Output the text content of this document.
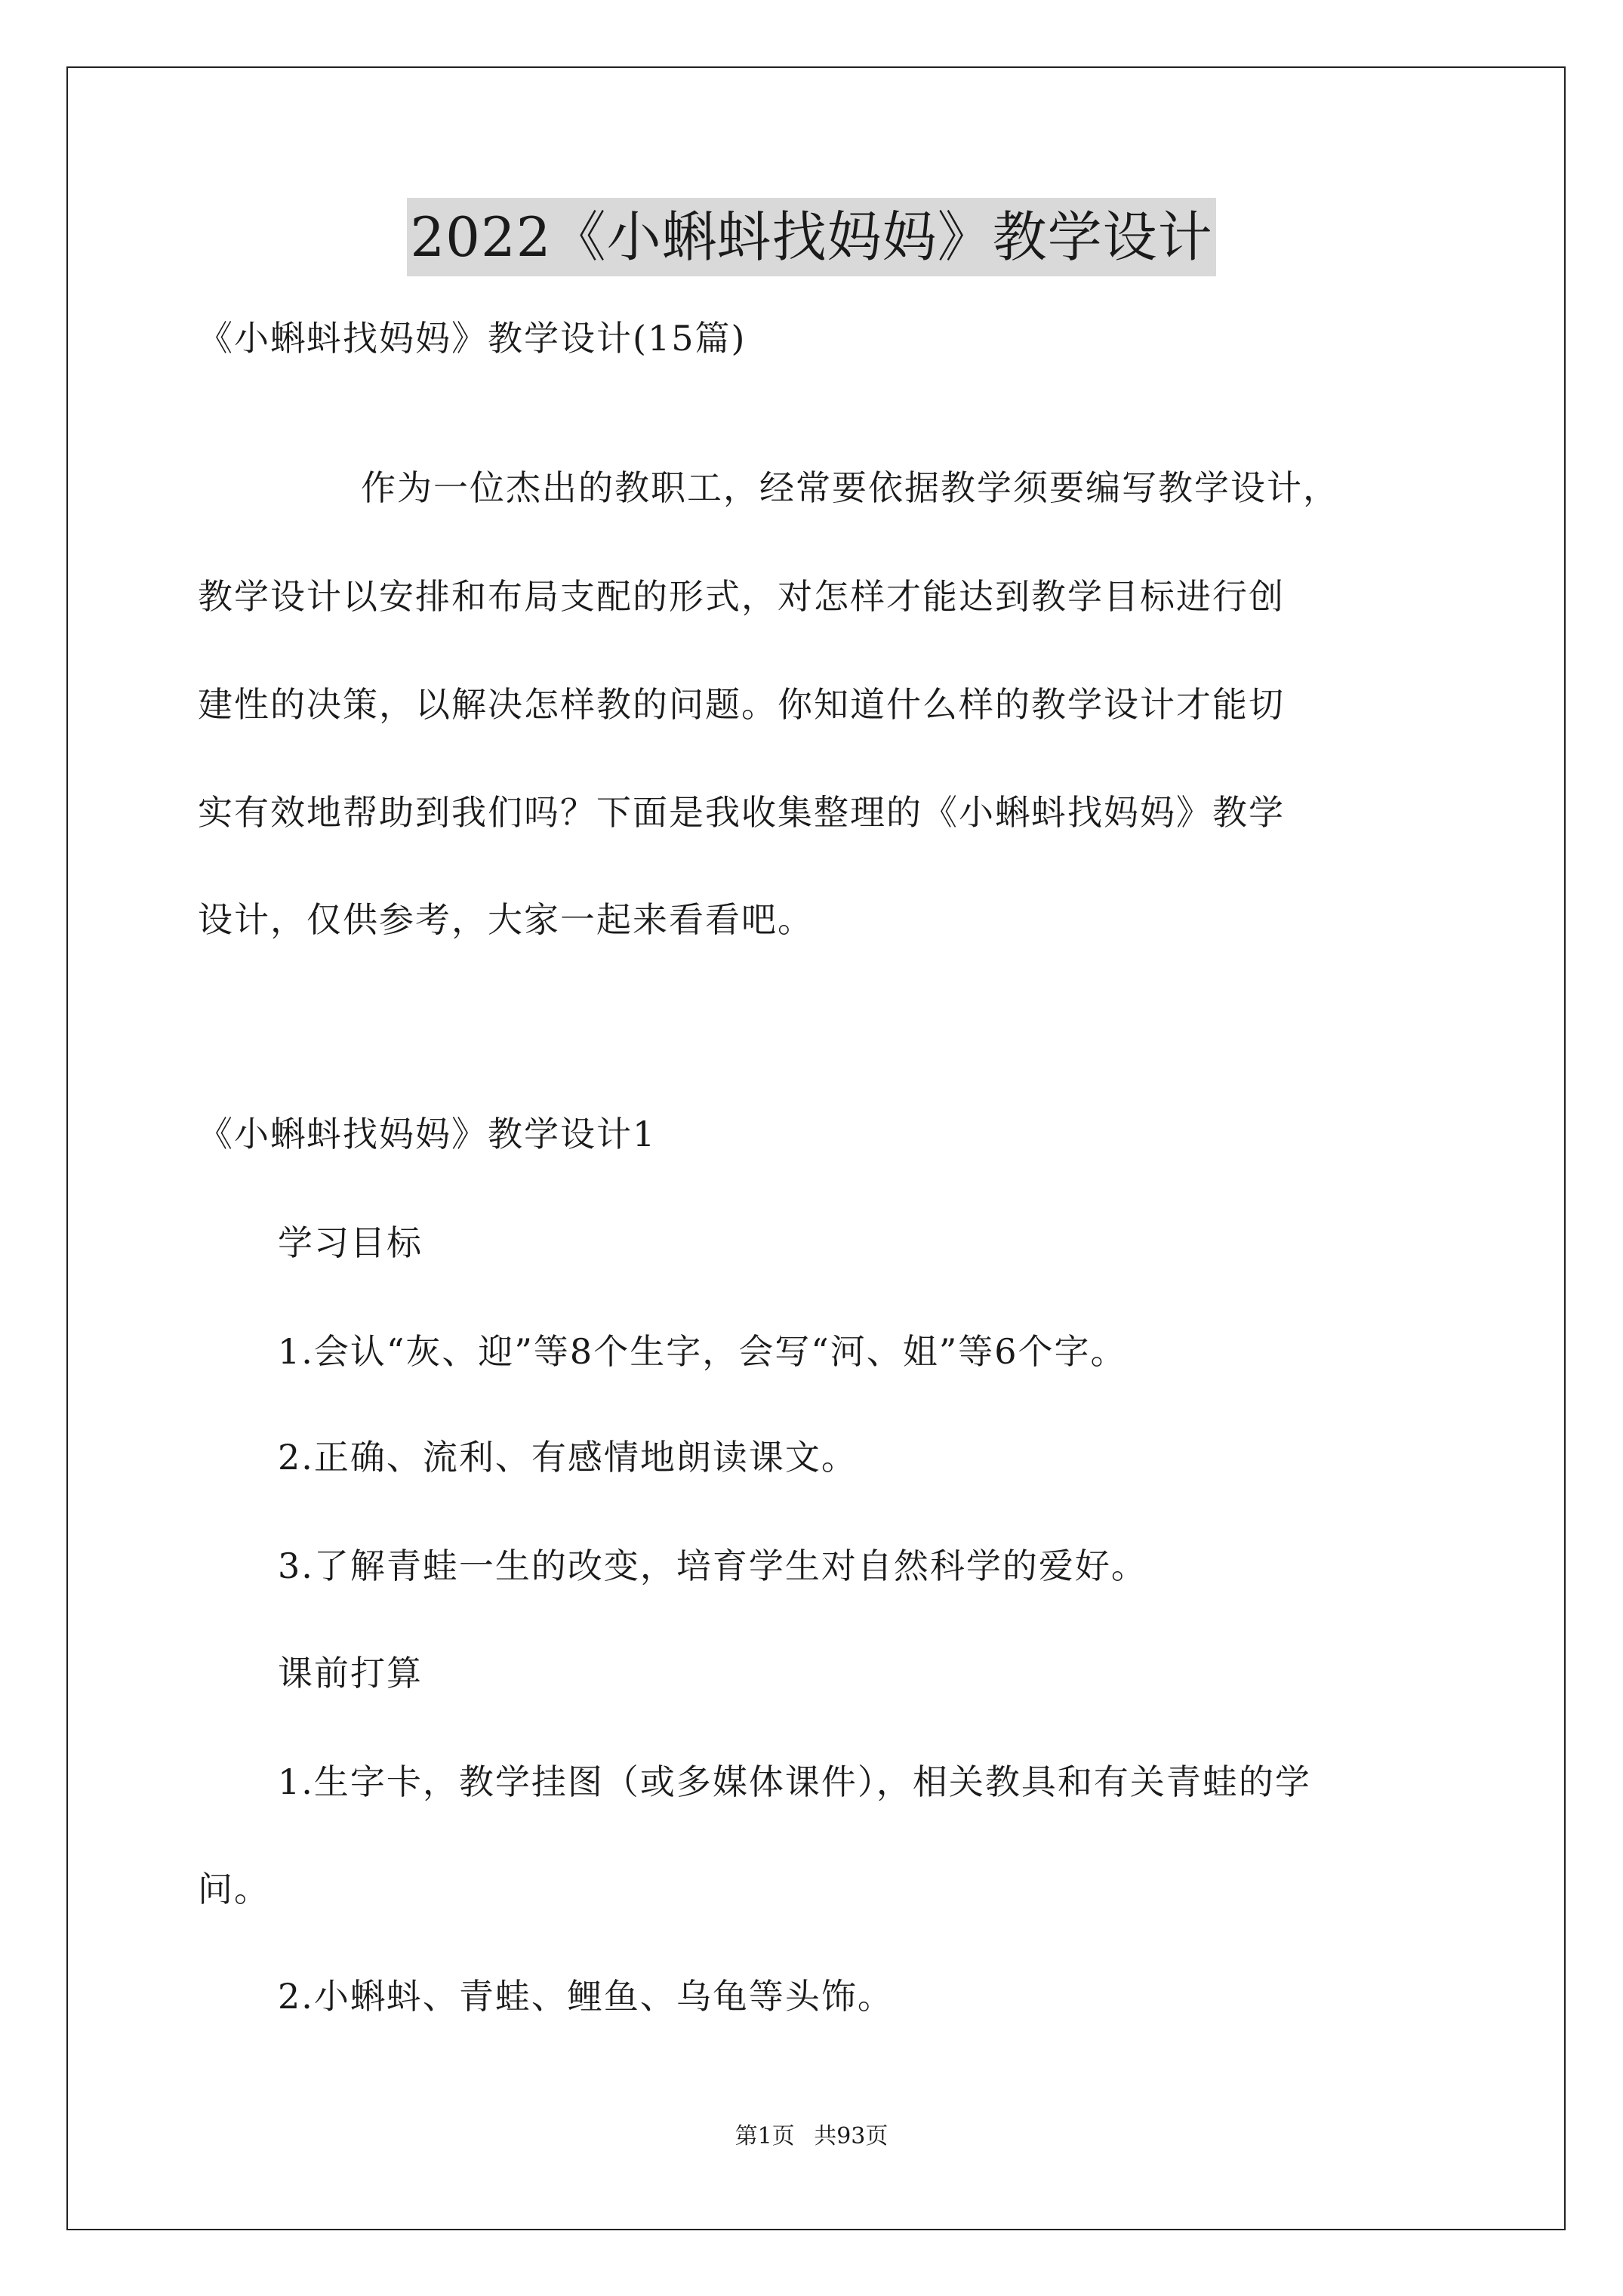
2022《小蝌蚪找妈妈》教学设计
《小蝌蚪找妈妈》教学设计(15篇)
作为一位杰出的教职工，经常要依据教学须要编写教学设计，
教学设计以安排和布局支配的形式，对怎样才能达到教学目标进行创
建性的决策，以解决怎样教的问题。你知道什么样的教学设计才能切
实有效地帮助到我们吗？下面是我收集整理的《小蝌蚪找妈妈》教学
设计，仅供参考，大家一起来看看吧。
《小蝌蚪找妈妈》教学设计1
学习目标
1.会认“灰、迎”等8个生字，会写“河、姐”等6个字。
2.正确、流利、有感情地朗读课文。
3.了解青蛙一生的改变，培育学生对自然科学的爱好。
课前打算
1.生字卡，教学挂图（或多媒体课件），相关教具和有关青蛙的学
问。
2.小蝌蚪、青蛙、鲤鱼、乌龟等头饰。
第1页 共93页
